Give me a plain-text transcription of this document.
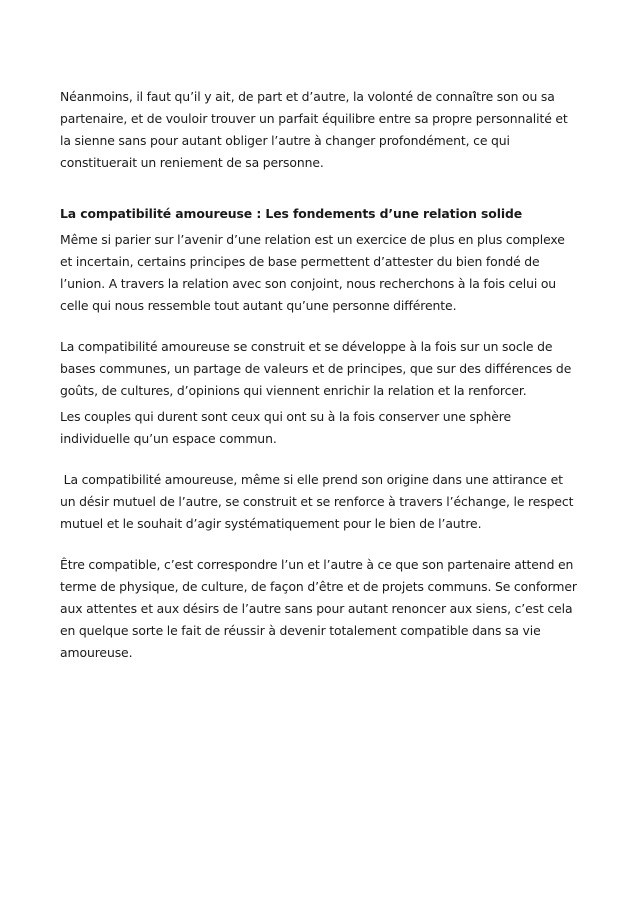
Néanmoins, il faut qu’il y ait, de part et d’autre, la volonté de connaître son ou sa partenaire, et de vouloir trouver un parfait équilibre entre sa propre personnalité et la sienne sans pour autant obliger l’autre à changer profondément, ce qui constituerait un reniement de sa personne.

La compatibilité amoureuse : Les fondements d’une relation solide

Même si parier sur l’avenir d’une relation est un exercice de plus en plus complexe et incertain, certains principes de base permettent d’attester du bien fondé de l’union. A travers la relation avec son conjoint, nous recherchons à la fois celui ou celle qui nous ressemble tout autant qu’une personne différente.

La compatibilité amoureuse se construit et se développe à la fois sur un socle de bases communes, un partage de valeurs et de principes, que sur des différences de goûts, de cultures, d’opinions qui viennent enrichir la relation et la renforcer.

Les couples qui durent sont ceux qui ont su à la fois conserver une sphère individuelle qu’un espace commun.

La compatibilité amoureuse, même si elle prend son origine dans une attirance et un désir mutuel de l’autre, se construit et se renforce à travers l’échange, le respect mutuel et le souhait d’agir systématiquement pour le bien de l’autre.

Être compatible, c’est correspondre l’un et l’autre à ce que son partenaire attend en terme de physique, de culture, de façon d’être et de projets communs. Se conformer aux attentes et aux désirs de l’autre sans pour autant renoncer aux siens, c’est cela en quelque sorte le fait de réussir à devenir totalement compatible dans sa vie amoureuse.
